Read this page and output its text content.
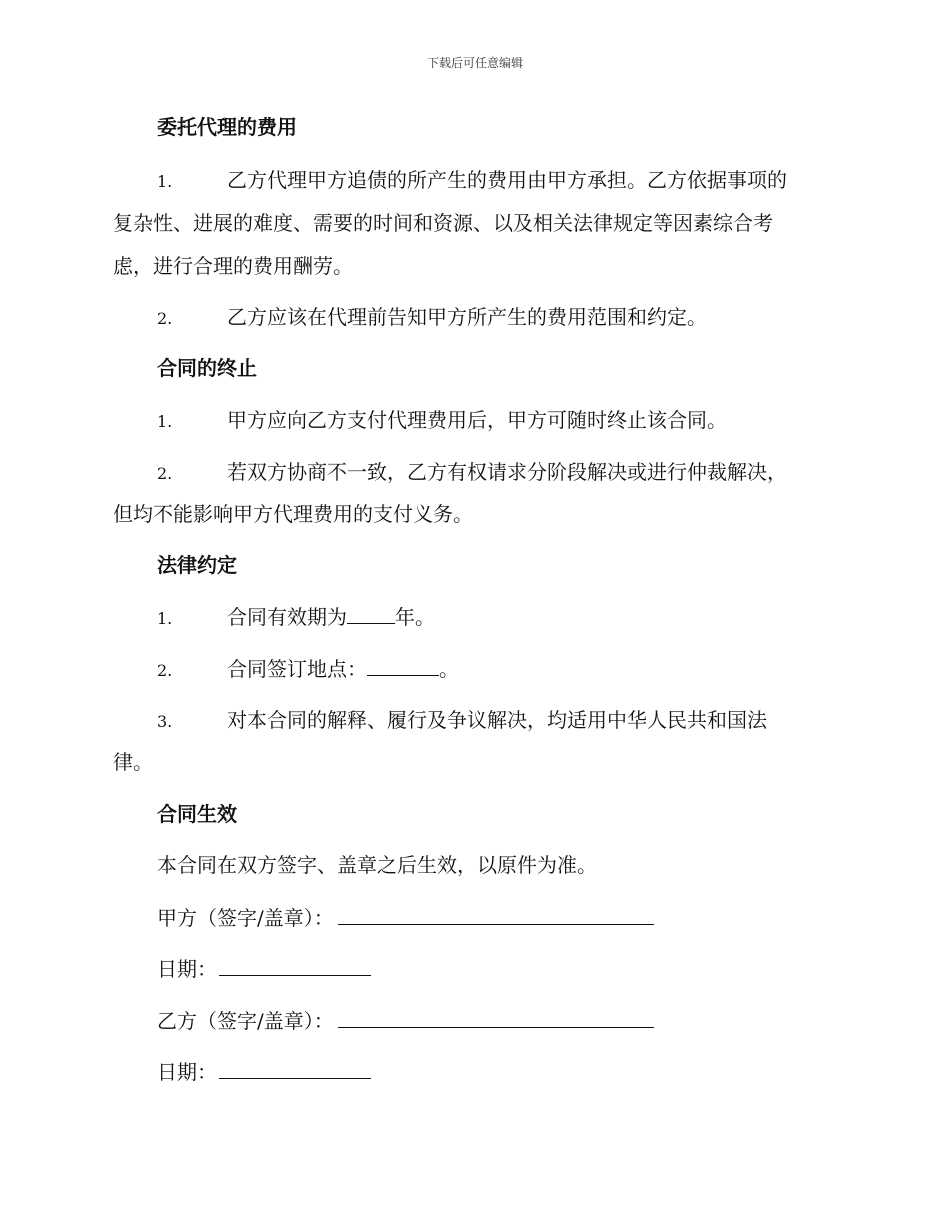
下载后可任意编辑
委托代理的费用
1.	乙方代理甲方追债的所产生的费用由甲方承担。乙方依据事项的
复杂性、进展的难度、需要的时间和资源、以及相关法律规定等因素综合考
虑，进行合理的费用酬劳。
2.	乙方应该在代理前告知甲方所产生的费用范围和约定。
合同的终止
1.	甲方应向乙方支付代理费用后，甲方可随时终止该合同。
2.	若双方协商不一致，乙方有权请求分阶段解决或进行仲裁解决，
但均不能影响甲方代理费用的支付义务。
法律约定
1.	合同有效期为 年。
2.	合同签订地点：	。
3.	对本合同的解释、履行及争议解决，均适用中华人民共和国法
律。
合同生效
本合同在双方签字、盖章之后生效，以原件为准。
甲方（签字/盖章）：
日期：
乙方（签字/盖章）：
日期：
